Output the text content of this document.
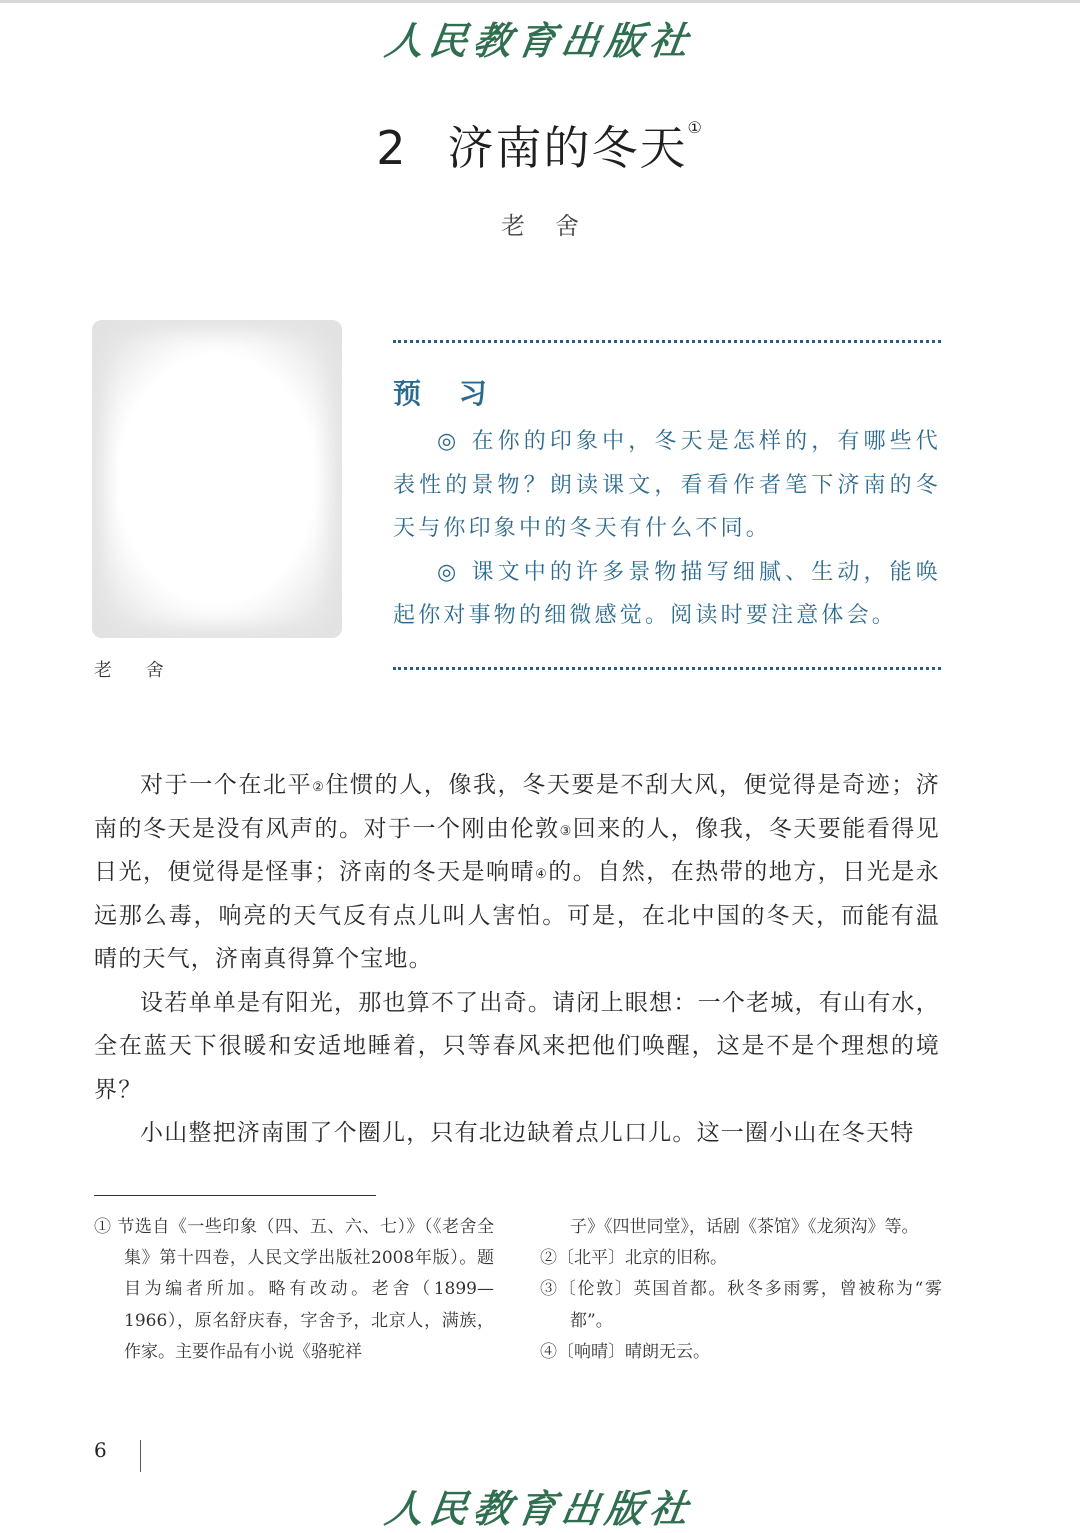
人民教育出版社
2 济南的冬天①
老舍
老 舍
预 习

◎ 在你的印象中，冬天是怎样的，有哪些代表性的景物？朗读课文，看看作者笔下济南的冬天与你印象中的冬天有什么不同。

◎ 课文中的许多景物描写细腻、生动，能唤起你对事物的细微感觉。阅读时要注意体会。

对于一个在北平②住惯的人，像我，冬天要是不刮大风，便觉得是奇迹；济南的冬天是没有风声的。对于一个刚由伦敦③回来的人，像我，冬天要能看得见日光，便觉得是怪事；济南的冬天是响晴④的。自然，在热带的地方，日光是永远那么毒，响亮的天气反有点儿叫人害怕。可是，在北中国的冬天，而能有温晴的天气，济南真得算个宝地。

设若单单是有阳光，那也算不了出奇。请闭上眼想：一个老城，有山有水，全在蓝天下很暖和安适地睡着，只等春风来把他们唤醒，这是不是个理想的境界？

小山整把济南围了个圈儿，只有北边缺着点儿口儿。这一圈小山在冬天特

① 节选自《一些印象（四、五、六、七）》（《老舍全集》第十四卷，人民文学出版社2008年版）。题目为编者所加。略有改动。老舍（1899—1966），原名舒庆春，字舍予，北京人，满族，作家。主要作品有小说《骆驼祥

子》《四世同堂》，话剧《茶馆》《龙须沟》等。

②〔北平〕北京的旧称。

③〔伦敦〕英国首都。秋冬多雨雾，曾被称为“雾都”。

④〔响晴〕晴朗无云。

6
人民教育出版社
